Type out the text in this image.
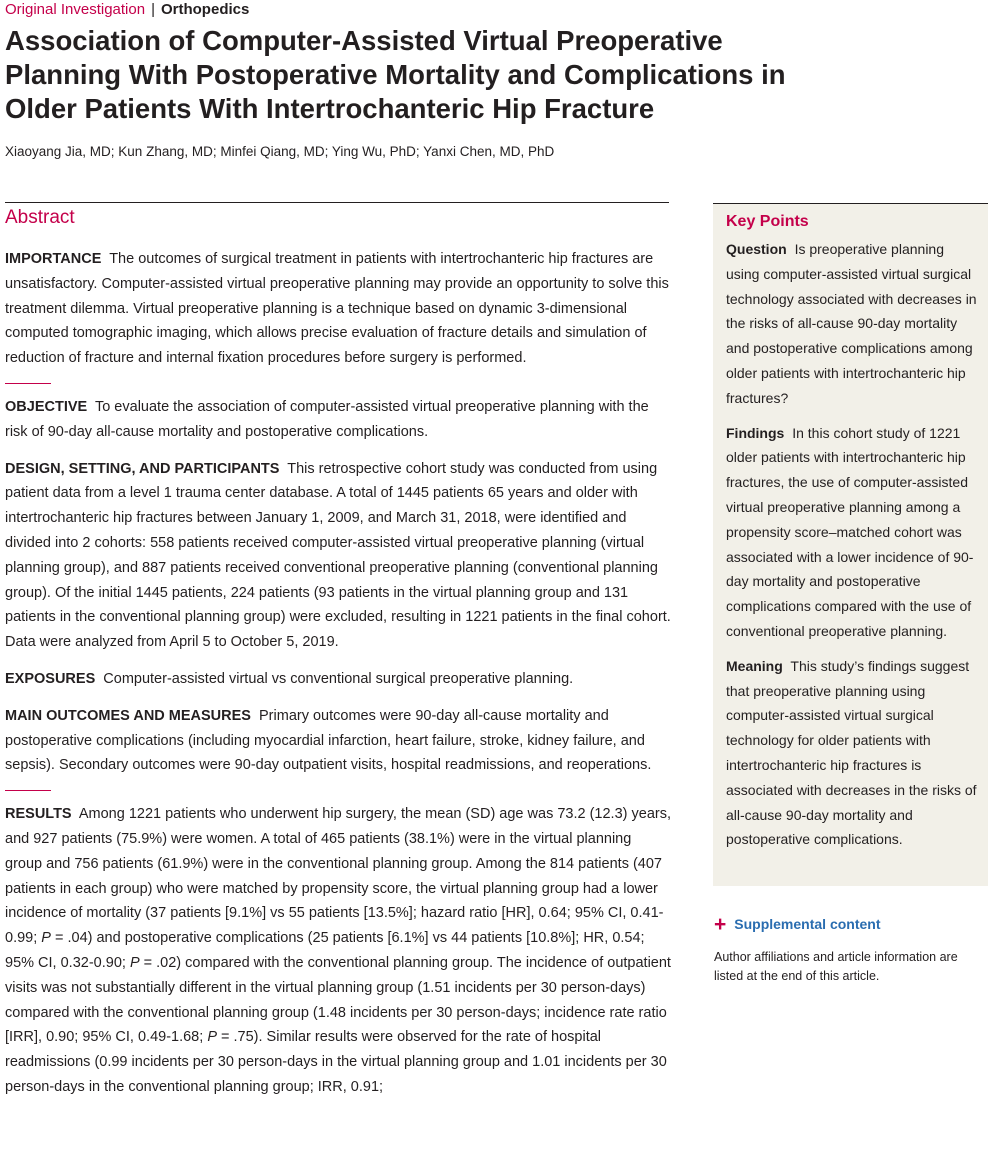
Original Investigation | Orthopedics
Association of Computer-Assisted Virtual Preoperative Planning With Postoperative Mortality and Complications in Older Patients With Intertrochanteric Hip Fracture
Xiaoyang Jia, MD; Kun Zhang, MD; Minfei Qiang, MD; Ying Wu, PhD; Yanxi Chen, MD, PhD
Abstract

IMPORTANCE The outcomes of surgical treatment in patients with intertrochanteric hip fractures are unsatisfactory. Computer-assisted virtual preoperative planning may provide an opportunity to solve this treatment dilemma. Virtual preoperative planning is a technique based on dynamic 3-dimensional computed tomographic imaging, which allows precise evaluation of fracture details and simulation of reduction of fracture and internal fixation procedures before surgery is performed.

OBJECTIVE To evaluate the association of computer-assisted virtual preoperative planning with the risk of 90-day all-cause mortality and postoperative complications.

DESIGN, SETTING, AND PARTICIPANTS This retrospective cohort study was conducted from using patient data from a level 1 trauma center database. A total of 1445 patients 65 years and older with intertrochanteric hip fractures between January 1, 2009, and March 31, 2018, were identified and divided into 2 cohorts: 558 patients received computer-assisted virtual preoperative planning (virtual planning group), and 887 patients received conventional preoperative planning (conventional planning group). Of the initial 1445 patients, 224 patients (93 patients in the virtual planning group and 131 patients in the conventional planning group) were excluded, resulting in 1221 patients in the final cohort. Data were analyzed from April 5 to October 5, 2019.

EXPOSURES Computer-assisted virtual vs conventional surgical preoperative planning.

MAIN OUTCOMES AND MEASURES Primary outcomes were 90-day all-cause mortality and postoperative complications (including myocardial infarction, heart failure, stroke, kidney failure, and sepsis). Secondary outcomes were 90-day outpatient visits, hospital readmissions, and reoperations.

RESULTS Among 1221 patients who underwent hip surgery, the mean (SD) age was 73.2 (12.3) years, and 927 patients (75.9%) were women. A total of 465 patients (38.1%) were in the virtual planning group and 756 patients (61.9%) were in the conventional planning group. Among the 814 patients (407 patients in each group) who were matched by propensity score, the virtual planning group had a lower incidence of mortality (37 patients [9.1%] vs 55 patients [13.5%]; hazard ratio [HR], 0.64; 95% CI, 0.41-0.99; P = .04) and postoperative complications (25 patients [6.1%] vs 44 patients [10.8%]; HR, 0.54; 95% CI, 0.32-0.90; P = .02) compared with the conventional planning group. The incidence of outpatient visits was not substantially different in the virtual planning group (1.51 incidents per 30 person-days) compared with the conventional planning group (1.48 incidents per 30 person-days; incidence rate ratio [IRR], 0.90; 95% CI, 0.49-1.68; P = .75). Similar results were observed for the rate of hospital readmissions (0.99 incidents per 30 person-days in the virtual planning group and 1.01 incidents per 30 person-days in the conventional planning group; IRR, 0.91;

Key Points

Question Is preoperative planning using computer-assisted virtual surgical technology associated with decreases in the risks of all-cause 90-day mortality and postoperative complications among older patients with intertrochanteric hip fractures?

Findings In this cohort study of 1221 older patients with intertrochanteric hip fractures, the use of computer-assisted virtual preoperative planning among a propensity score–matched cohort was associated with a lower incidence of 90-day mortality and postoperative complications compared with the use of conventional preoperative planning.

Meaning This study’s findings suggest that preoperative planning using computer-assisted virtual surgical technology for older patients with intertrochanteric hip fractures is associated with decreases in the risks of all-cause 90-day mortality and postoperative complications.

+ Supplemental content
Author affiliations and article information are listed at the end of this article.
